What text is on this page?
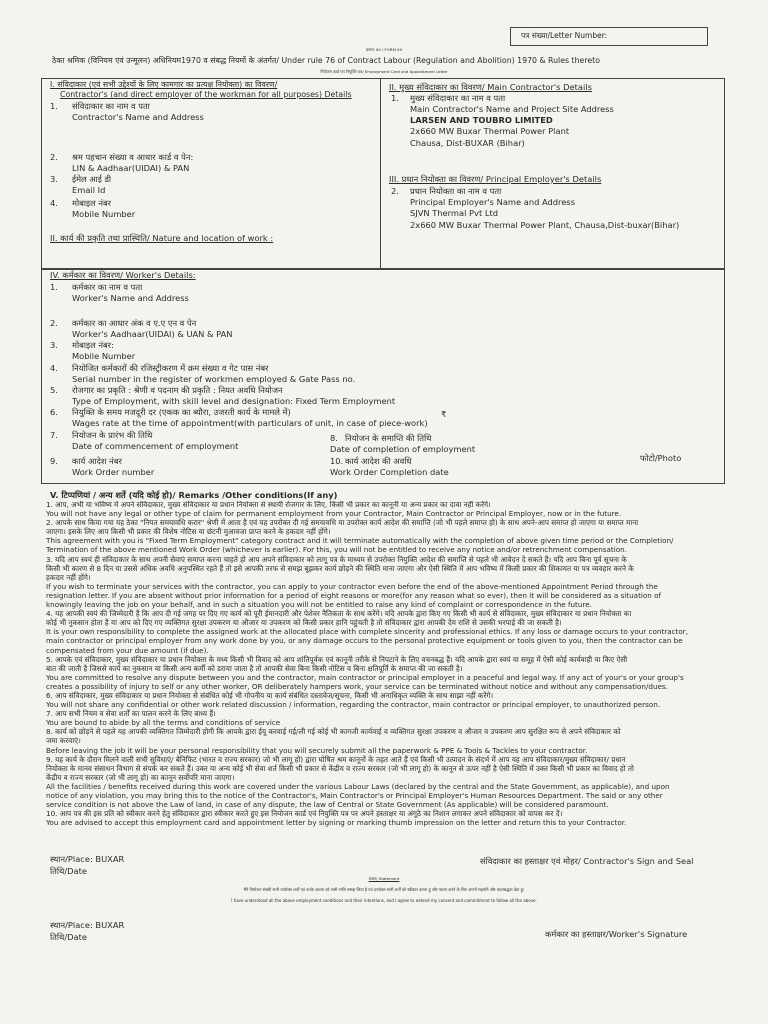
पत्र संख्या/Letter Number:
प्रारूप XII / FORM XII
ठेका श्रमिक (विनियम एवं उन्मूलन) अधिनियम1970 व संबद्ध नियमों के अंतर्गत/ Under rule 76 of Contract Labour (Regulation and Abolition) 1970 & Rules thereto
नियोजन कार्ड एवं नियुक्ति पत्र/ Employment Card and Appointment Letter
I. संविदाकार (एवं सभी उद्देश्यों के लिए कामगार का प्रत्यक्ष नियोक्ता) का विवरण/
Contractor's (and direct employer of the workman for all purposes) Details
1. संविदाकार का नाम व पता
Contractor's Name and Address
2. श्रम पहचान संख्या व आधार कार्ड व पेन:
LIN & Aadhaar(UIDAI) & PAN
3. ईमेल आई डी
Email Id
4. मोबाइल नंबर
Mobile Number
II. कार्य की प्रकृति तथा प्रास्थिति/ Nature and location of work :
II. मुख्य संविदाकार का विवरण/ Main Contractor's Details
1. मुख्य संविदाकार का नाम व पता
Main Contractor's Name and Project Site Address
LARSEN AND TOUBRO LIMITED
2x660 MW Buxar Thermal Power Plant
Chausa, Dist-BUXAR (Bihar)
III. प्रधान नियोक्ता का विवरण/ Principal Employer's Details
2. प्रधान नियोक्ता का नाम व पता
Principal Employer's Name and Address
SJVN Thermal Pvt Ltd
2x660 MW Buxar Thermal Power Plant, Chausa,Dist-buxar(Bihar)
IV. कर्मकार का विवरण/ Worker's Details:
1. कर्मकार का नाम व पता
Worker's Name and Address
2. कर्मकार का आधार अंक व ए.ए एन व पेन
Worker's Aadhaar(UIDAI) & UAN & PAN
3. मोबाइल नंबर:
Mobile Number
4. नियोजित कर्मकारों की रजिस्ट्रीकरण में क्रम संख्या व गेट पास नंबर
Serial number in the register of workmen employed & Gate Pass no.
5. रोजगार का प्रकृति : श्रेणी व पदनाम की प्रकृति : नियत अवधि नियोजन
Type of Employment, with skill level and designation: Fixed Term Employment
6. नियुक्ति के समय मजदूरी दर (एकक का ब्यौरा, उजरती कार्य के मामले में)
Wages rate at the time of appointment(with particulars of unit, in case of piece-work)
₹
7. नियोजन के प्रारंभ की तिथि
Date of commencement of employment
8. नियोजन के समाप्ति की तिथि
Date of completion of employment
9. कार्य आदेश नंबर
Work Order number
10. कार्य आदेश की अवधि
Work Order Completion date
फोटो/Photo
V. टिप्पणियां / अन्य शर्ते (यदि कोई हो)/ Remarks /Other conditions(If any)
1. आप, अभी या भविष्य में अपने संविदाकार, मुख्य संविदाकार या प्रधान नियोक्ता से स्थायी रोजगार के लिए, किसी भी प्रकार का कानूनी या अन्य प्रकार का दावा नहीं करेंगे।
You will not have any legal or other type of claim for permanent employment from your Contractor, Main Contractor or Principal Employer, now or in the future.
2. आपके साथ किया गया यह ठेका "नियत समयावधि करार" श्रेणी में आता है एवं यह उपरोक्त दी गई समयावधि या उपरोक्त कार्य आदेश की समाप्ति (जो भी पहले समाप्त हो) के साथ अपने-आप समाप्त हो जाएगा या समाप्त माना
जाएगा। इसके लिए आप किसी भी प्रकार की विशेष नोटिस या छंटनी मुआवजा प्राप्त करने के हकदार नहीं होंगे।
This agreement with you is "Fixed Term Employment" category contract and it will terminate automatically with the completion of above given time period or the Completion/
Termination of the above mentioned Work Order (whichever is earlier). For this, you will not be entitled to receive any notice and/or retrenchment compensation.
3. यदि आप स्वयं ही संविदाकार के साथ अपनी सेवाएं समाप्त करना चाहते हो आप अपने संविदाकार को लागू पत्र के माध्यम से उपरोक्त नियुक्ति आदेश की समाप्ति से पहले भी आवेदन दे सकते हैं। यदि आप बिना पूर्व सूचना के
किसी भी कारण से 8 दिन या उससे अधिक अवधि अनुपस्थित रहते हैं तो इसे आपकी तरफ से समझ बूझकर कार्य छोड़ने की स्थिति माना जाएगा और ऐसी स्थिति में आप भविष्य में किसी प्रकार की शिकायत या पत्र व्यवहार करने के
हकदार नहीं होंगे।
If you wish to terminate your services with the contractor, you can apply to your contractor even before the end of the above-mentioned Appointment Period through the
resignation letter. If you are absent without prior information for a period of eight reasons or more(for any reason what so ever), then it will be considered as a situation of
knowingly leaving the job on your behalf, and in such a situation you will not be entitled to raise any kind of complaint or correspondence in the future.
4. यह आपकी स्वयं की जिम्मेदारी है कि आप दी गई जगह पर दिए गए कार्य को पूरी ईमानदारी और पेशेवर नैतिकता के साथ करेंगे। यदि आपके द्वारा किए गए किसी भी कार्य से संविदाकार, मुख्य संविदाकार या प्रधान नियोक्ता का
कोई भी नुकसान होता है या आप को दिए गए व्यक्तिगत सुरक्षा उपकरण या औजार या उपकरण को किसी प्रकार हानि पहुंचती है तो संविदाकार द्वारा आपकी देय राशि से उसकी भरपाई की जा सकती है।
It is your own responsibility to complete the assigned work at the allocated place with complete sincerity and professional ethics. If any loss or damage occurs to your contractor,
main contractor or principal employer from any work done by you, or any damage occurs to the personal protective equipment or tools given to you, then the contractor can be
compensated from your due amount (if due).
5. आपके एवं संविदाकार, मुख्य संविदाकार या प्रधान नियोक्ता के मध्य किसी भी विवाद को आप शांतिपूर्वक एवं कानूनी तरीके से निपटाने के लिए वचनबद्ध हैं। यदि आपके द्वारा स्वयं या समूह में ऐसी कोई कार्यवाही या किए ऐसी
बात की जाती है जिससे कार्य का नुकसान या किसी अन्य कर्मी को डराया जाता है तो आपकी सेवा बिना किसी नोटिस व बिना क्षतिपूर्ति के समाप्त की जा सकती है।
You are committed to resolve any dispute between you and the contractor, main contractor or principal employer in a peaceful and legal way. If any act of your's or your group's
creates a possibility of injury to self or any other worker, OR deliberately hampers work, your service can be terminated without notice and without any compensation/dues.
6. आप संविदाकार, मुख्य संविदाकार या प्रधान नियोक्ता से संबंधित कोई भी गोपनीय या कार्य संबंधित दस्तावेज/सूचना, किसी भी अनाधिकृत व्यक्ति के साथ साझा नहीं करेंगे।
You will not share any confidential or other work related discussion / information, regarding the contractor, main contractor or principal employer, to unauthorized person.
7. आप सभी नियम व सेवा शर्तों का पालन करने के लिए बाध्य हैं।
You are bound to abide by all the terms and conditions of service
8. कार्य को छोड़ने से पहले यह आपकी व्यक्तिगत जिम्मेदारी होगी कि आपके द्वारा ईयू करवाई गई/ली गई कोई भी कागजी कार्यवाई व व्यक्तिगत सुरक्षा उपकरण व औजार व उपकरण आप सुरक्षित रूप से अपने संविदाकार को
जमा करवाएं।
Before leaving the job it will be your personal responsibility that you will securely submit all the paperwork & PPE & Tools & Tackles to your contractor.
9. यह कार्य के दौरान मिलने वाली सभी सुविधाएं/ बेनिफिट (भारत व राज्य सरकार) जो भी लागू हो) द्वारा घोषित श्रम कानूनों के तहत आते हैं एवं किसी भी उत्पादन के संदर्भ में आप यह आप संविदाकार/मुख्य संविदाकार/ प्रधान
नियोक्ता के मानव संसाधन विभाग से संपर्क कर सकते हैं। उक्त या अन्य कोई भी सेवा शर्त किसी भी प्रकार से केंद्रीय व राज्य सरकार (जो भी लागू हो) के कानून से ऊपर नहीं है ऐसी स्थिति में उक्त किसी भी प्रकार का विवाद हो तो
केंद्रीय व राज्य सरकार (जो भी लागू हो) का कानून सर्वोपरि माना जाएगा।
All the facilities / benefits received during this work are covered under the various Labour Laws (declared by the central and the State Government, as applicable), and upon
notice of any violation, you may bring this to the notice of the Contractor's, Main Contractor's or Principal Employer's Human Resources Department. The said or any other
service condition is not above the Law of land, in case of any dispute, the law of Central or State Government (As applicable) will be considered paramount.
10. आप पत्र की इस प्रति को स्वीकार करने हेतु संविदाकार द्वारा स्वीकार करते हुए इस नियोजन कार्ड एवं नियुक्ति पत्र पर अपने हस्ताक्षर या अंगूठे का निशान लगाकर अपने संविदाकार को वापस कर दें।
You are advised to accept this employment card and appointment letter by signing or marking thumb impression on the letter and return this to your Contractor.
स्थान/Place: BUXAR
तिथि/Date
संविदाकार का हस्ताक्षर एवं मोहर/ Contractor's Sign and Seal
कथन/ Statement
मैंने नियोजन संबंधी सभी उपरोक्त शर्तों एवं उनके आशय को भली-भांति समझ लिया है एवं उपरोक्त सभी शर्तों को स्वीकार करता हूं और पालन करने के लिए अपनी सहमति और वचनबद्धता देता हूं।
I have understood all the above employment conditions and their intentions, and I agree to extend my consent and commitment to follow all the above.
स्थान/Place: BUXAR
तिथि/Date	कर्मकार का हस्ताक्षर/Worker's Signature
